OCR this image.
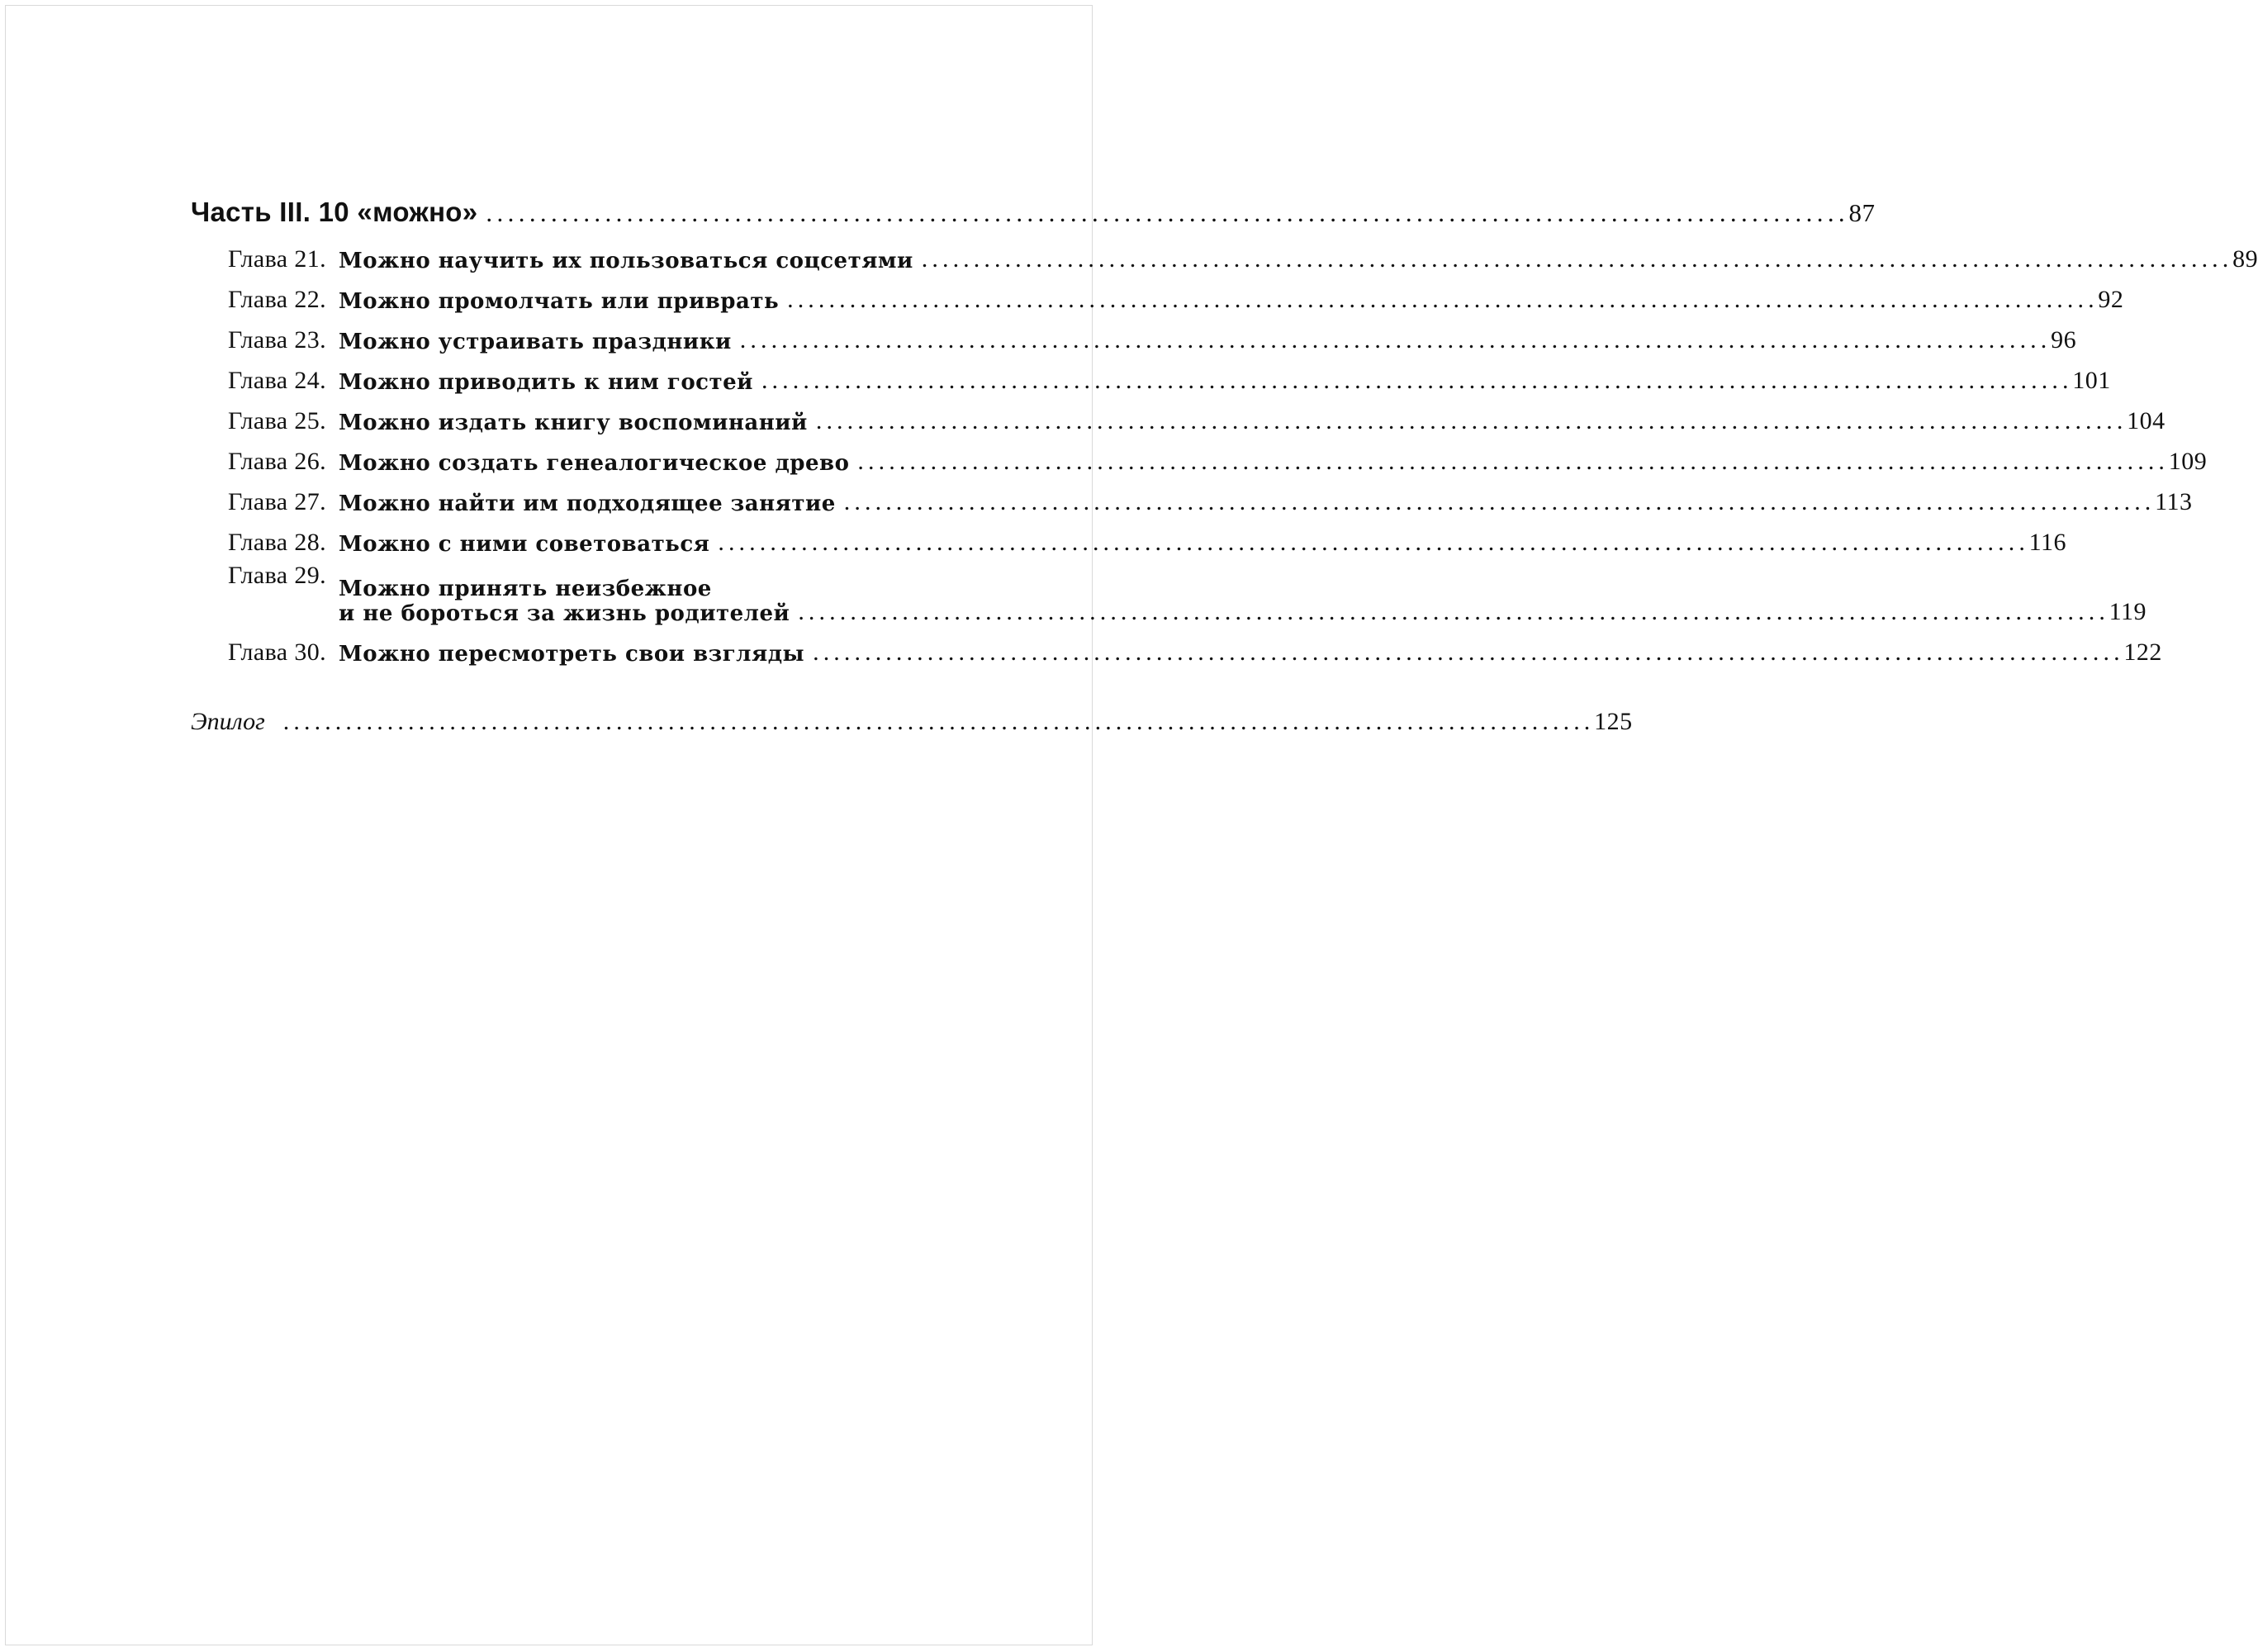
Часть III. 10 «можно» . . .	87
Глава 21. Можно научить их пользоваться соцсетями . . .	89
Глава 22. Можно промолчать или приврать . . .	92
Глава 23. Можно устраивать праздники . . .	96
Глава 24. Можно приводить к ним гостей . . .	101
Глава 25. Можно издать книгу воспоминаний . . .	104
Глава 26. Можно создать генеалогическое древо . . .	109
Глава 27. Можно найти им подходящее занятие . . .	113
Глава 28. Можно с ними советоваться . . .	116
Глава 29. Можно принять неизбежное
и не бороться за жизнь родителей . . .	119
Глава 30. Можно пересмотреть свои взгляды . . .	122
Эпилог . . .	125
